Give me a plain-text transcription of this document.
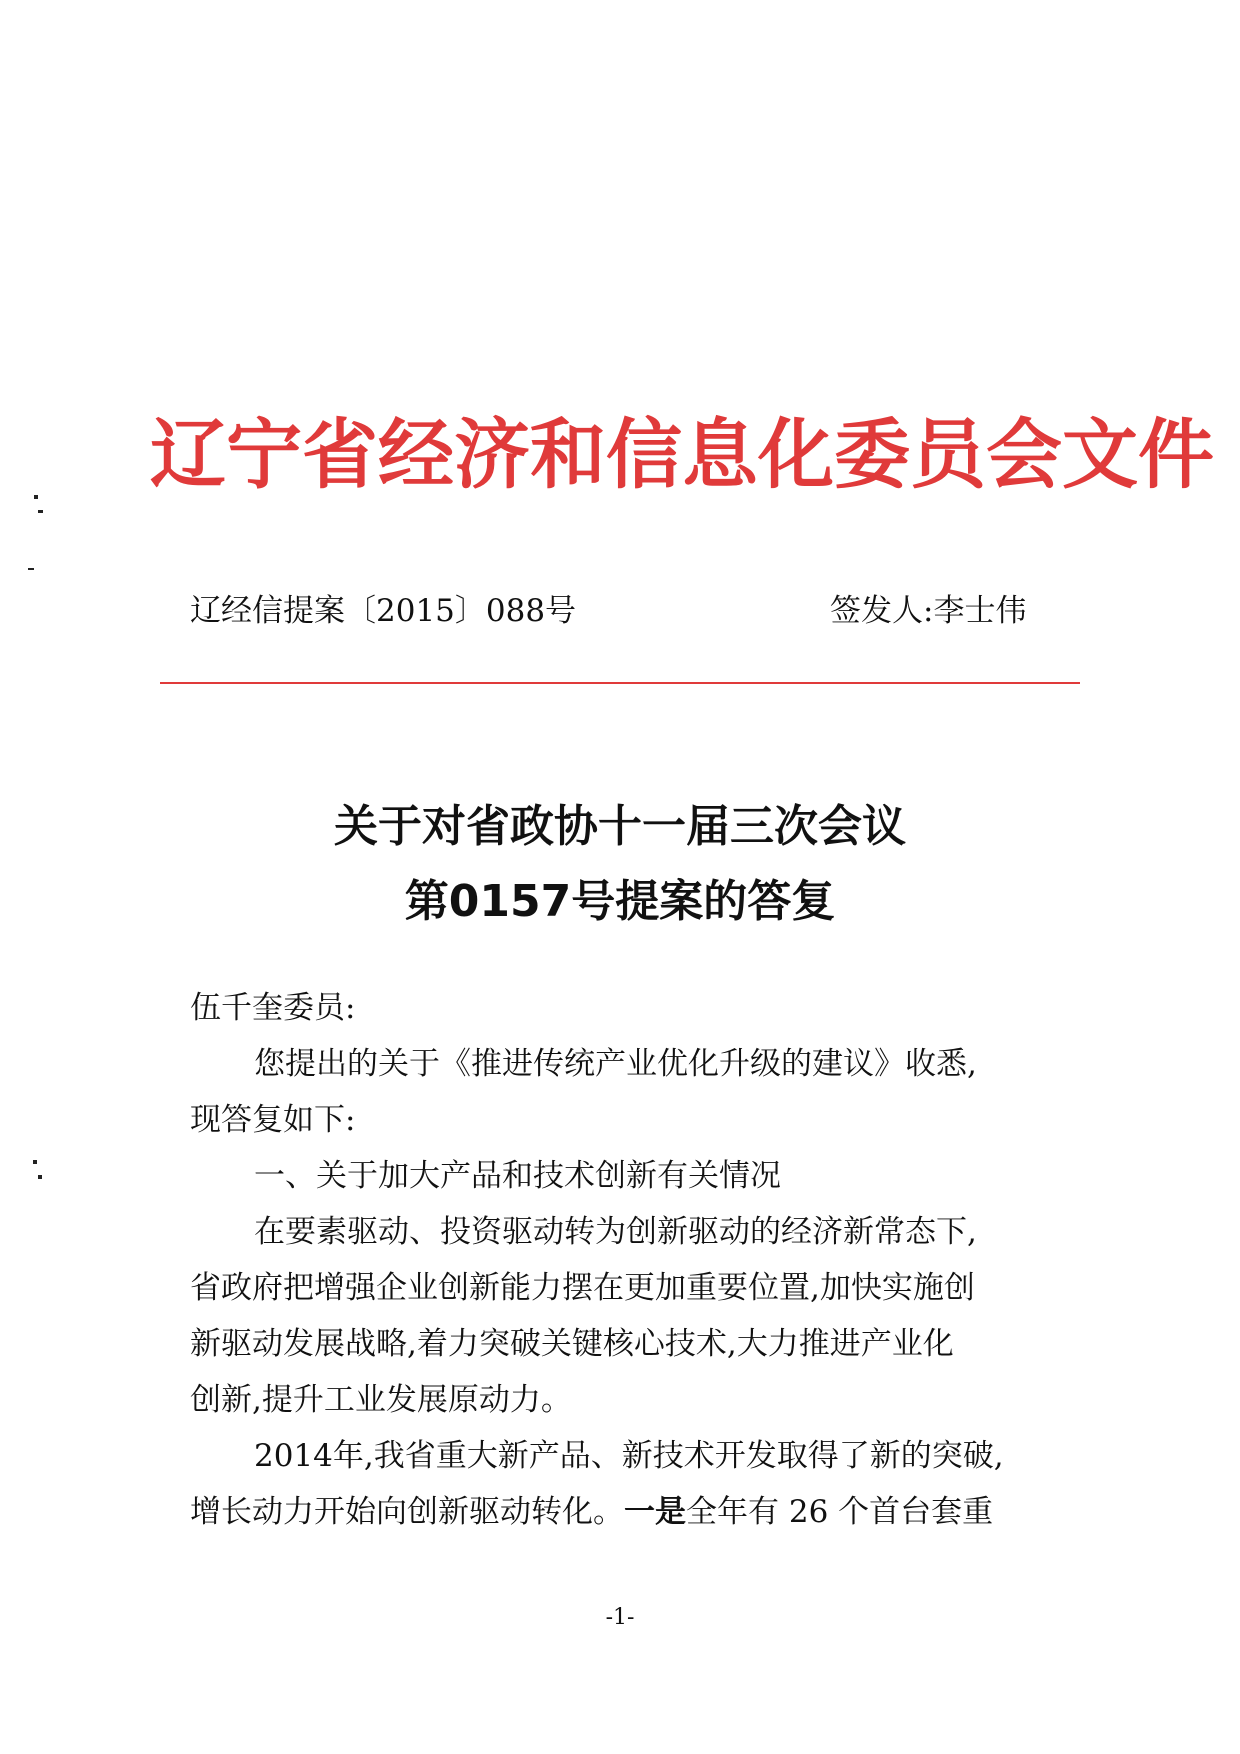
辽宁省经济和信息化委员会文件
辽经信提案〔2015〕088号	签发人:李士伟
关于对省政协十一届三次会议
第0157号提案的答复
伍千奎委员:
您提出的关于《推进传统产业优化升级的建议》收悉,
现答复如下:
一、关于加大产品和技术创新有关情况
在要素驱动、投资驱动转为创新驱动的经济新常态下,
省政府把增强企业创新能力摆在更加重要位置,加快实施创
新驱动发展战略,着力突破关键核心技术,大力推进产业化
创新,提升工业发展原动力。
2014年,我省重大新产品、新技术开发取得了新的突破,
增长动力开始向创新驱动转化。一是全年有 26 个首台套重
-1-
